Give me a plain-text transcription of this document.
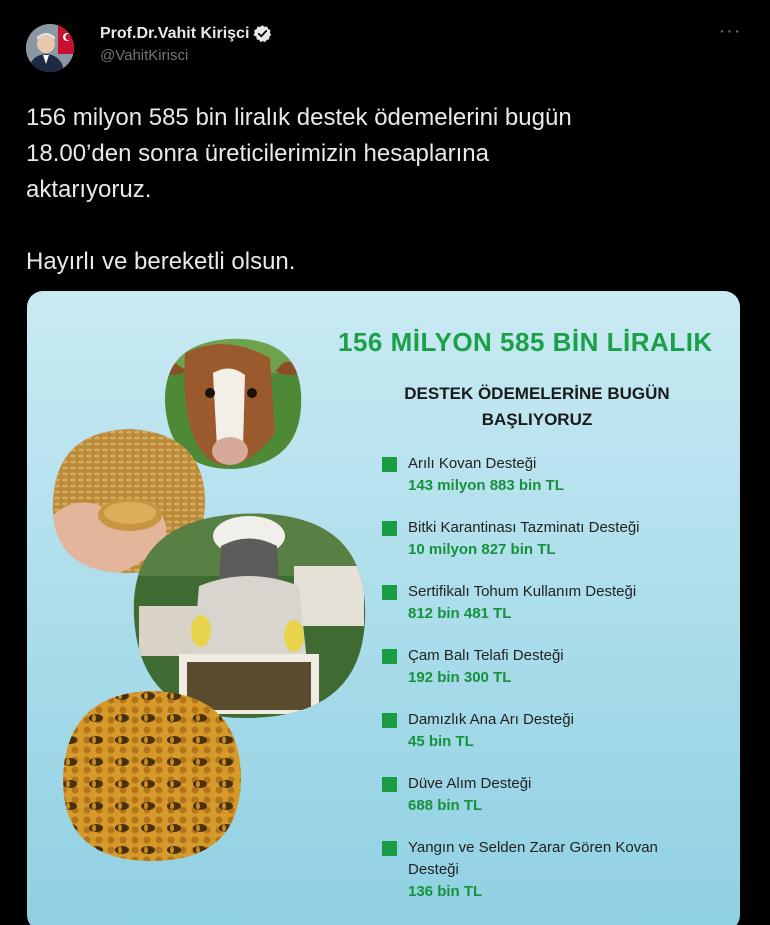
Prof.Dr.Vahit Kirişci
@VahitKirisci
···

156 milyon 585 bin liralık destek ödemelerini bugün

18.00’den sonra üreticilerimizin hesaplarına

aktarıyoruz.

Hayırlı ve bereketli olsun.

156 MİLYON 585 BİN LİRALIK
DESTEK ÖDEMELERİNE BUGÜN
BAŞLIYORUZ
Arılı Kovan Desteği
143 milyon 883 bin TL
Bitki Karantinası Tazminatı Desteği
10 milyon 827 bin TL
Sertifikalı Tohum Kullanım Desteği
812 bin 481 TL
Çam Balı Telafi Desteği
192 bin 300 TL
Damızlık Ana Arı Desteği
45 bin TL
Düve Alım Desteği
688 bin TL
Yangın ve Selden Zarar Gören Kovan
Desteği
136 bin TL
